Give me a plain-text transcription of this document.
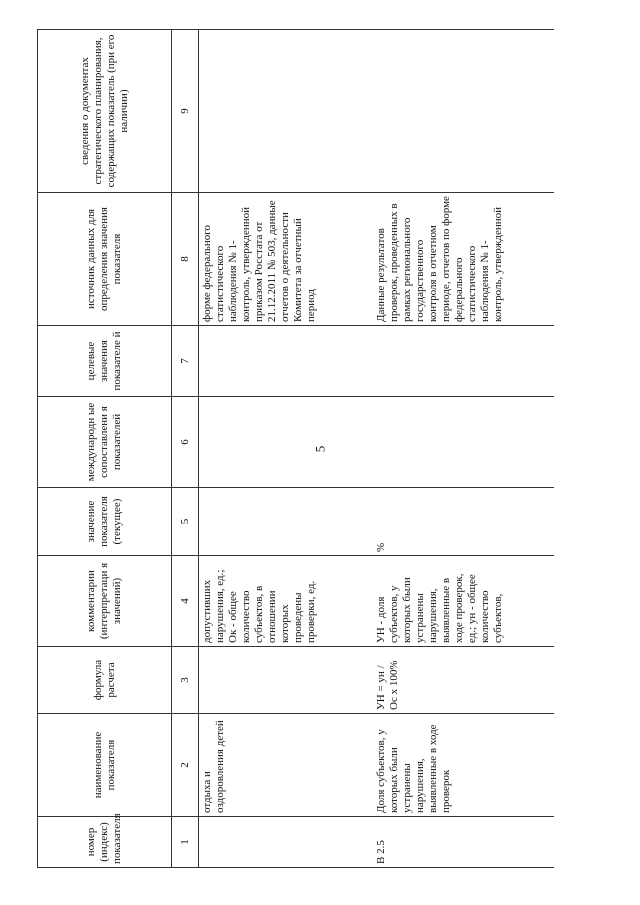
5
номер (индекс) показателя	наименование показателя	формула расчета	комментарии (интерпретаци я значений)	значение показателя (текущее)	международн ые сопоставлени я показателей	целевые значения показателе й	источник данных для определения значения показателя	сведения о документах стратегического планирования, содержащих показатель (при его наличии)
1	2	3	4	5	6	7	8	9
	отдыха и оздоровления детей		допустивших нарушения, ед.; Ок - общее количество субъектов, в отношении которых проведены проверки, ед.				форме федерального статистического наблюдения № 1-контроль, утвержденной приказом Росстата от 21.12.2011 № 503, данные отчетов о деятельности Комитета за отчетный период	
В 2.5	Доля субъектов, у которых были устранены нарушения, выявленные в ходе проверок	УН = ун / Ос х 100%	УН - доля субъектов, у которых были устранены нарушения, выявленные в ходе проверок, ед.; ун - общее количество субъектов,	%			Данные результатов проверок, проведенных в рамках регионального государственного контроля в отчетном периоде, отчетов по форме федерального статистического наблюдения № 1-контроль, утвержденной	
